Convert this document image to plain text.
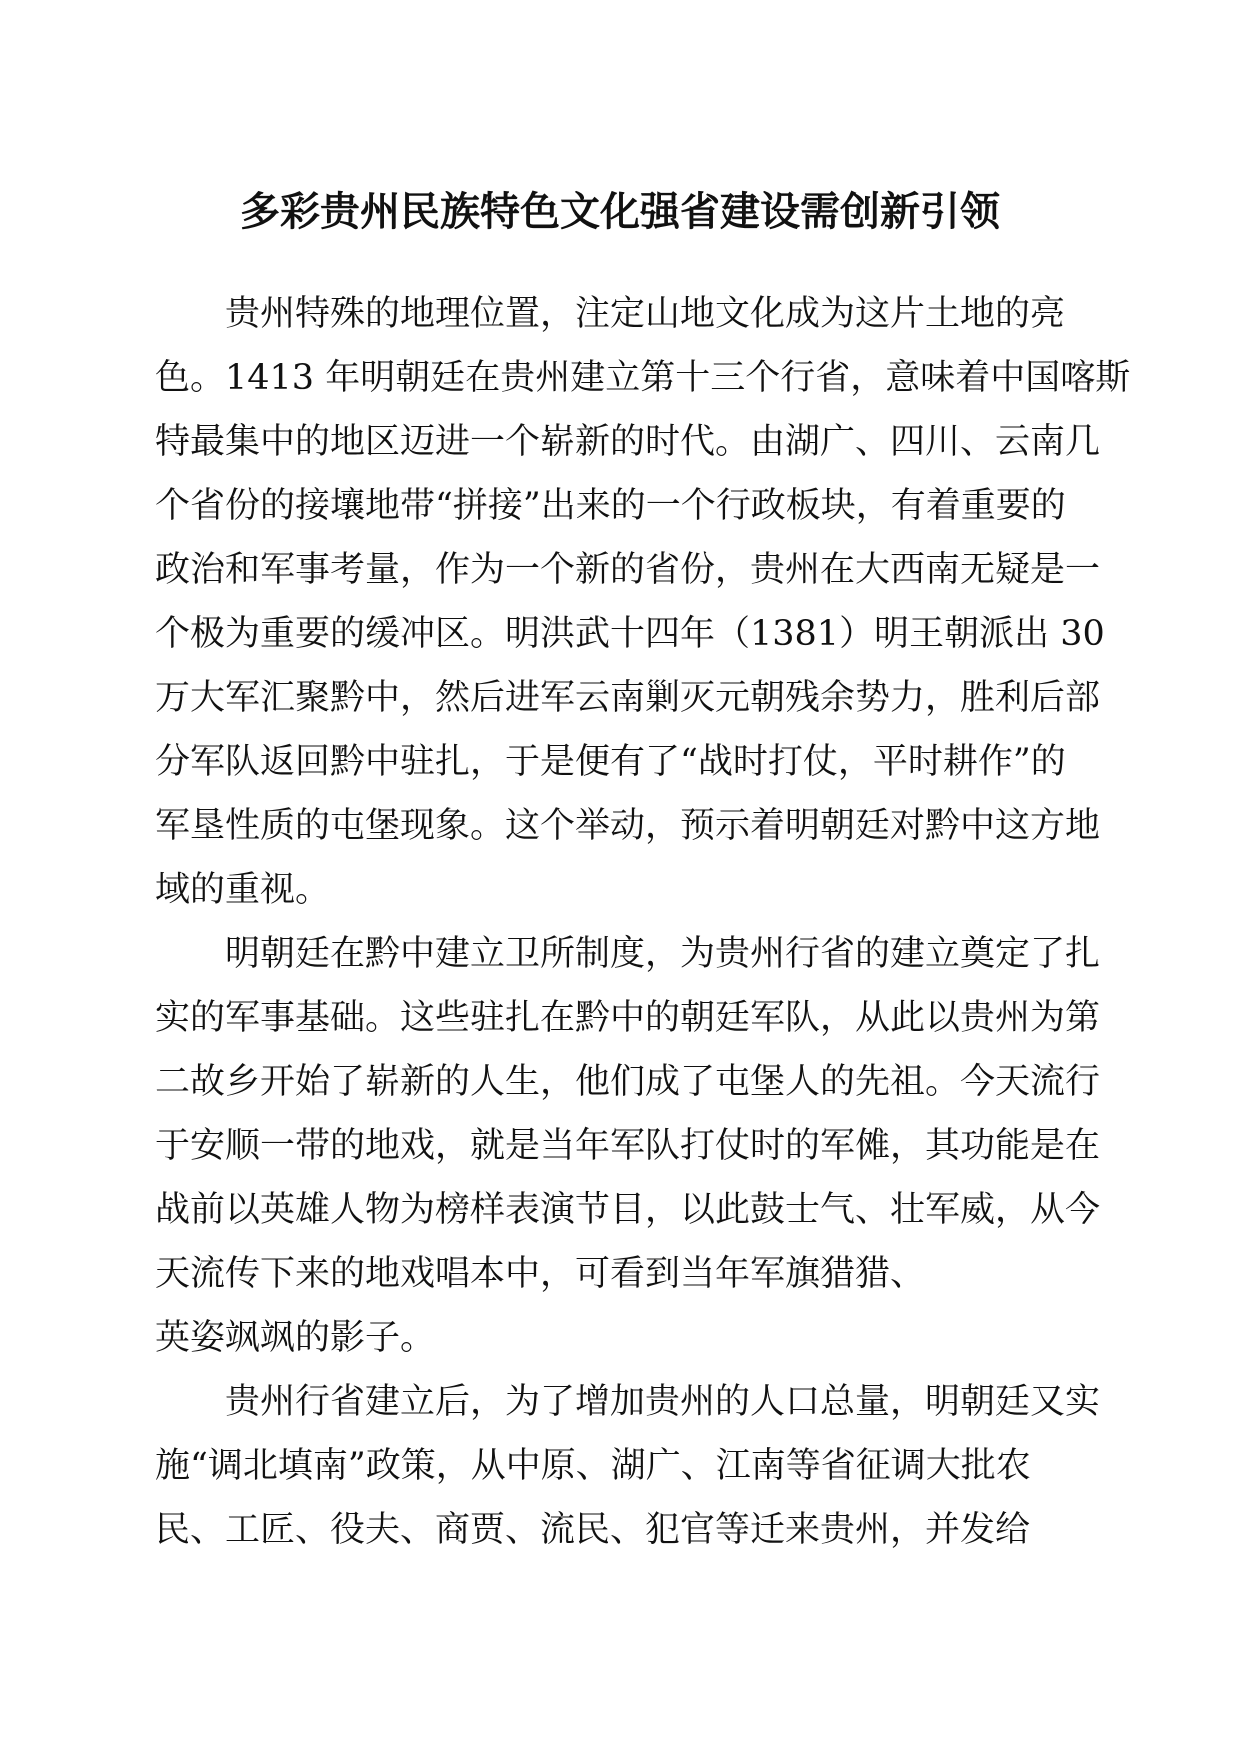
多彩贵州民族特色文化强省建设需创新引领

贵州特殊的地理位置，注定山地文化成为这片土地的亮

色。1413 年明朝廷在贵州建立第十三个行省，意味着中国喀斯

特最集中的地区迈进一个崭新的时代。由湖广、四川、云南几

个省份的接壤地带“拼接”出来的一个行政板块，有着重要的

政治和军事考量，作为一个新的省份，贵州在大西南无疑是一

个极为重要的缓冲区。明洪武十四年（1381）明王朝派出 30

万大军汇聚黔中，然后进军云南剿灭元朝残余势力，胜利后部

分军队返回黔中驻扎，于是便有了“战时打仗，平时耕作”的

军垦性质的屯堡现象。这个举动，预示着明朝廷对黔中这方地

域的重视。

明朝廷在黔中建立卫所制度，为贵州行省的建立奠定了扎

实的军事基础。这些驻扎在黔中的朝廷军队，从此以贵州为第

二故乡开始了崭新的人生，他们成了屯堡人的先祖。今天流行

于安顺一带的地戏，就是当年军队打仗时的军傩，其功能是在

战前以英雄人物为榜样表演节目，以此鼓士气、壮军威，从今

天流传下来的地戏唱本中，可看到当年军旗猎猎、

英姿飒飒的影子。

贵州行省建立后，为了增加贵州的人口总量，明朝廷又实

施“调北填南”政策，从中原、湖广、江南等省征调大批农

民、工匠、役夫、商贾、流民、犯官等迁来贵州，并发给
